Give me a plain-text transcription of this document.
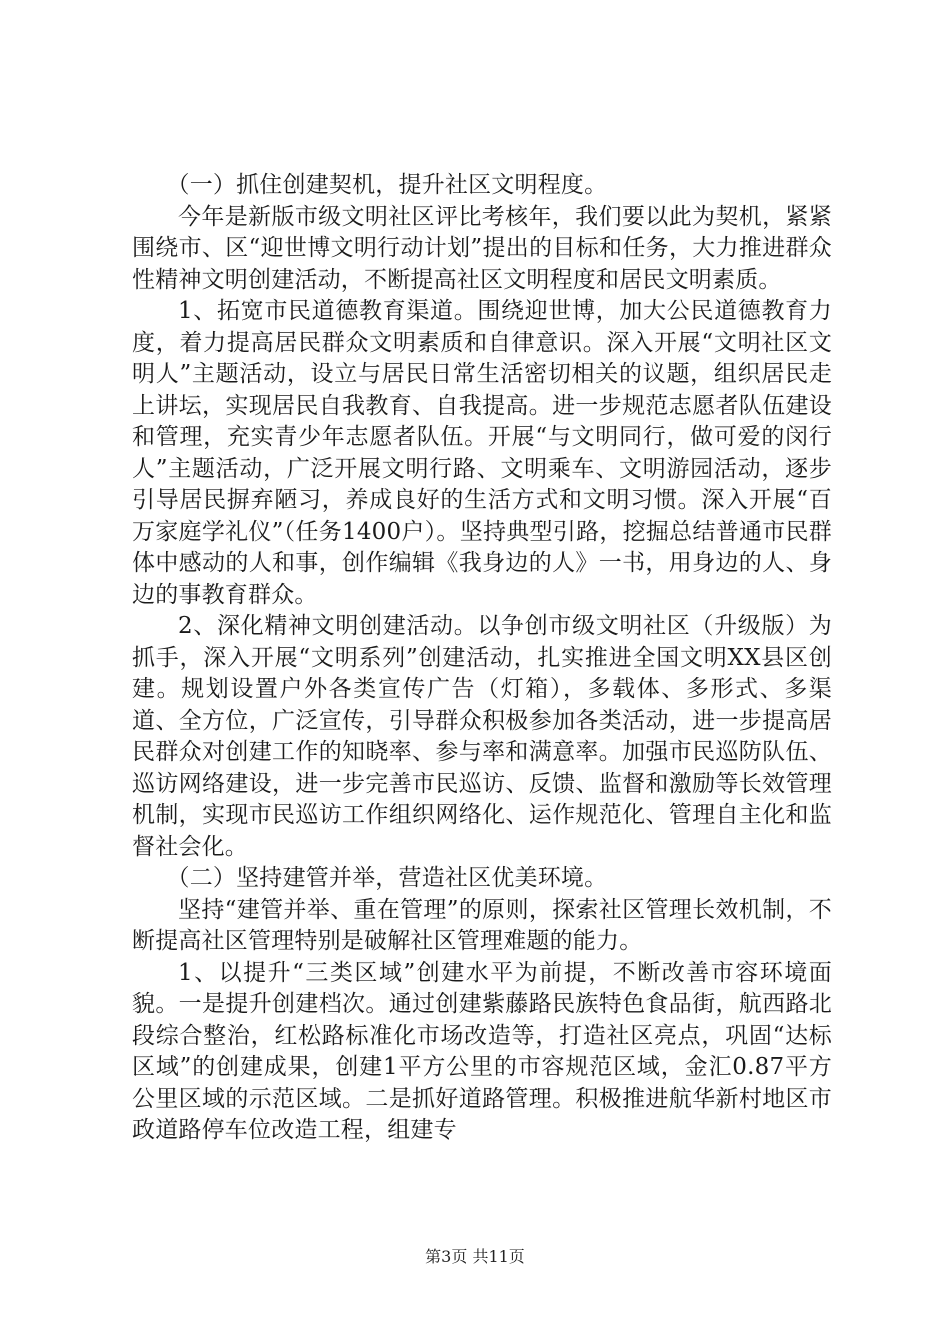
（一）抓住创建契机，提升社区文明程度。

今年是新版市级文明社区评比考核年，我们要以此为契机，紧紧围绕市、区“迎世博文明行动计划”提出的目标和任务，大力推进群众性精神文明创建活动，不断提高社区文明程度和居民文明素质。

1、拓宽市民道德教育渠道。围绕迎世博，加大公民道德教育力度，着力提高居民群众文明素质和自律意识。深入开展“文明社区文明人”主题活动，设立与居民日常生活密切相关的议题，组织居民走上讲坛，实现居民自我教育、自我提高。进一步规范志愿者队伍建设和管理，充实青少年志愿者队伍。开展“与文明同行，做可爱的闵行人”主题活动，广泛开展文明行路、文明乘车、文明游园活动，逐步引导居民摒弃陋习，养成良好的生活方式和文明习惯。深入开展“百万家庭学礼仪”（任务1400户）。坚持典型引路，挖掘总结普通市民群体中感动的人和事，创作编辑《我身边的人》一书，用身边的人、身边的事教育群众。

2、深化精神文明创建活动。以争创市级文明社区（升级版）为抓手，深入开展“文明系列”创建活动，扎实推进全国文明XX县区创建。规划设置户外各类宣传广告（灯箱），多载体、多形式、多渠道、全方位，广泛宣传，引导群众积极参加各类活动，进一步提高居民群众对创建工作的知晓率、参与率和满意率。加强市民巡防队伍、巡访网络建设，进一步完善市民巡访、反馈、监督和激励等长效管理机制，实现市民巡访工作组织网络化、运作规范化、管理自主化和监督社会化。

（二）坚持建管并举，营造社区优美环境。

坚持“建管并举、重在管理”的原则，探索社区管理长效机制，不断提高社区管理特别是破解社区管理难题的能力。

1、以提升“三类区域”创建水平为前提，不断改善市容环境面貌。一是提升创建档次。通过创建紫藤路民族特色食品街，航西路北段综合整治，红松路标准化市场改造等，打造社区亮点，巩固“达标区域”的创建成果，创建1平方公里的市容规范区域，金汇0.87平方公里区域的示范区域。二是抓好道路管理。积极推进航华新村地区市政道路停车位改造工程，组建专

第3页 共11页
